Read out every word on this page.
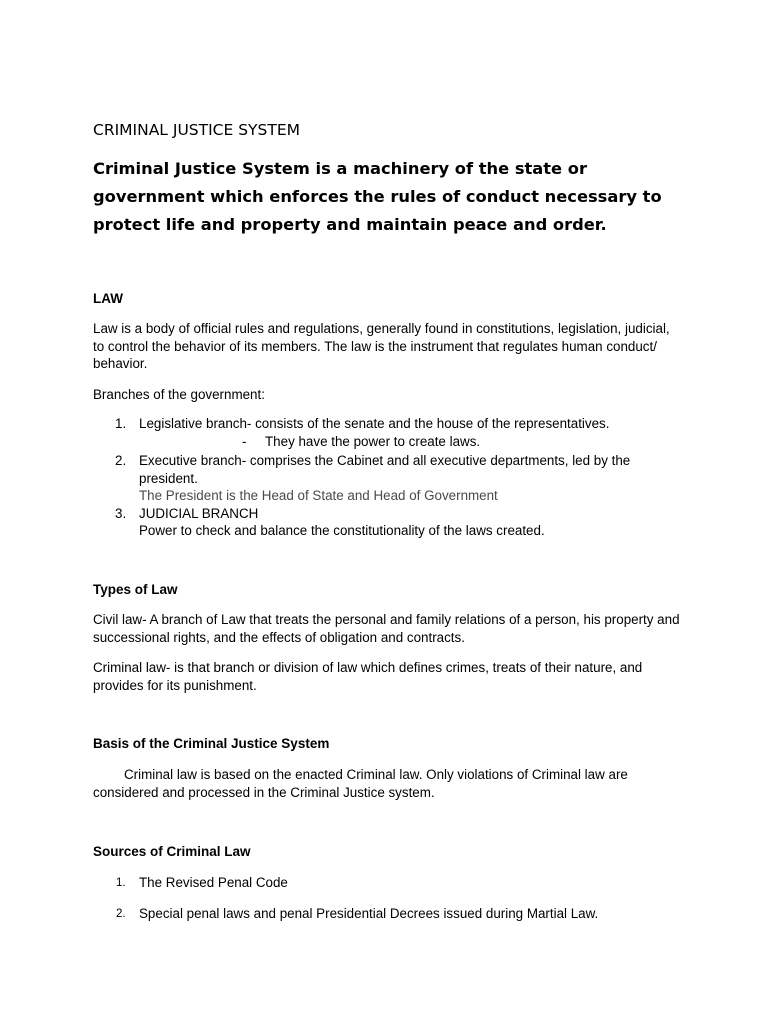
CRIMINAL JUSTICE SYSTEM
Criminal Justice System is a machinery of the state or government which enforces the rules of conduct necessary to protect life and property and maintain peace and order.
LAW
Law is a body of official rules and regulations, generally found in constitutions, legislation, judicial, to control the behavior of its members. The law is the instrument that regulates human conduct/ behavior.
Branches of the government:
1. Legislative branch- consists of the senate and the house of the representatives.
- They have the power to create laws.
2. Executive branch- comprises the Cabinet and all executive departments, led by the president.
The President is the Head of State and Head of Government
3. JUDICIAL BRANCH
Power to check and balance the constitutionality of the laws created.
Types of Law
Civil law- A branch of Law that treats the personal and family relations of a person, his property and successional rights, and the effects of obligation and contracts.
Criminal law- is that branch or division of law which defines crimes, treats of their nature, and provides for its punishment.
Basis of the Criminal Justice System
Criminal law is based on the enacted Criminal law. Only violations of Criminal law are considered and processed in the Criminal Justice system.
Sources of Criminal Law
1. The Revised Penal Code
2. Special penal laws and penal Presidential Decrees issued during Martial Law.
